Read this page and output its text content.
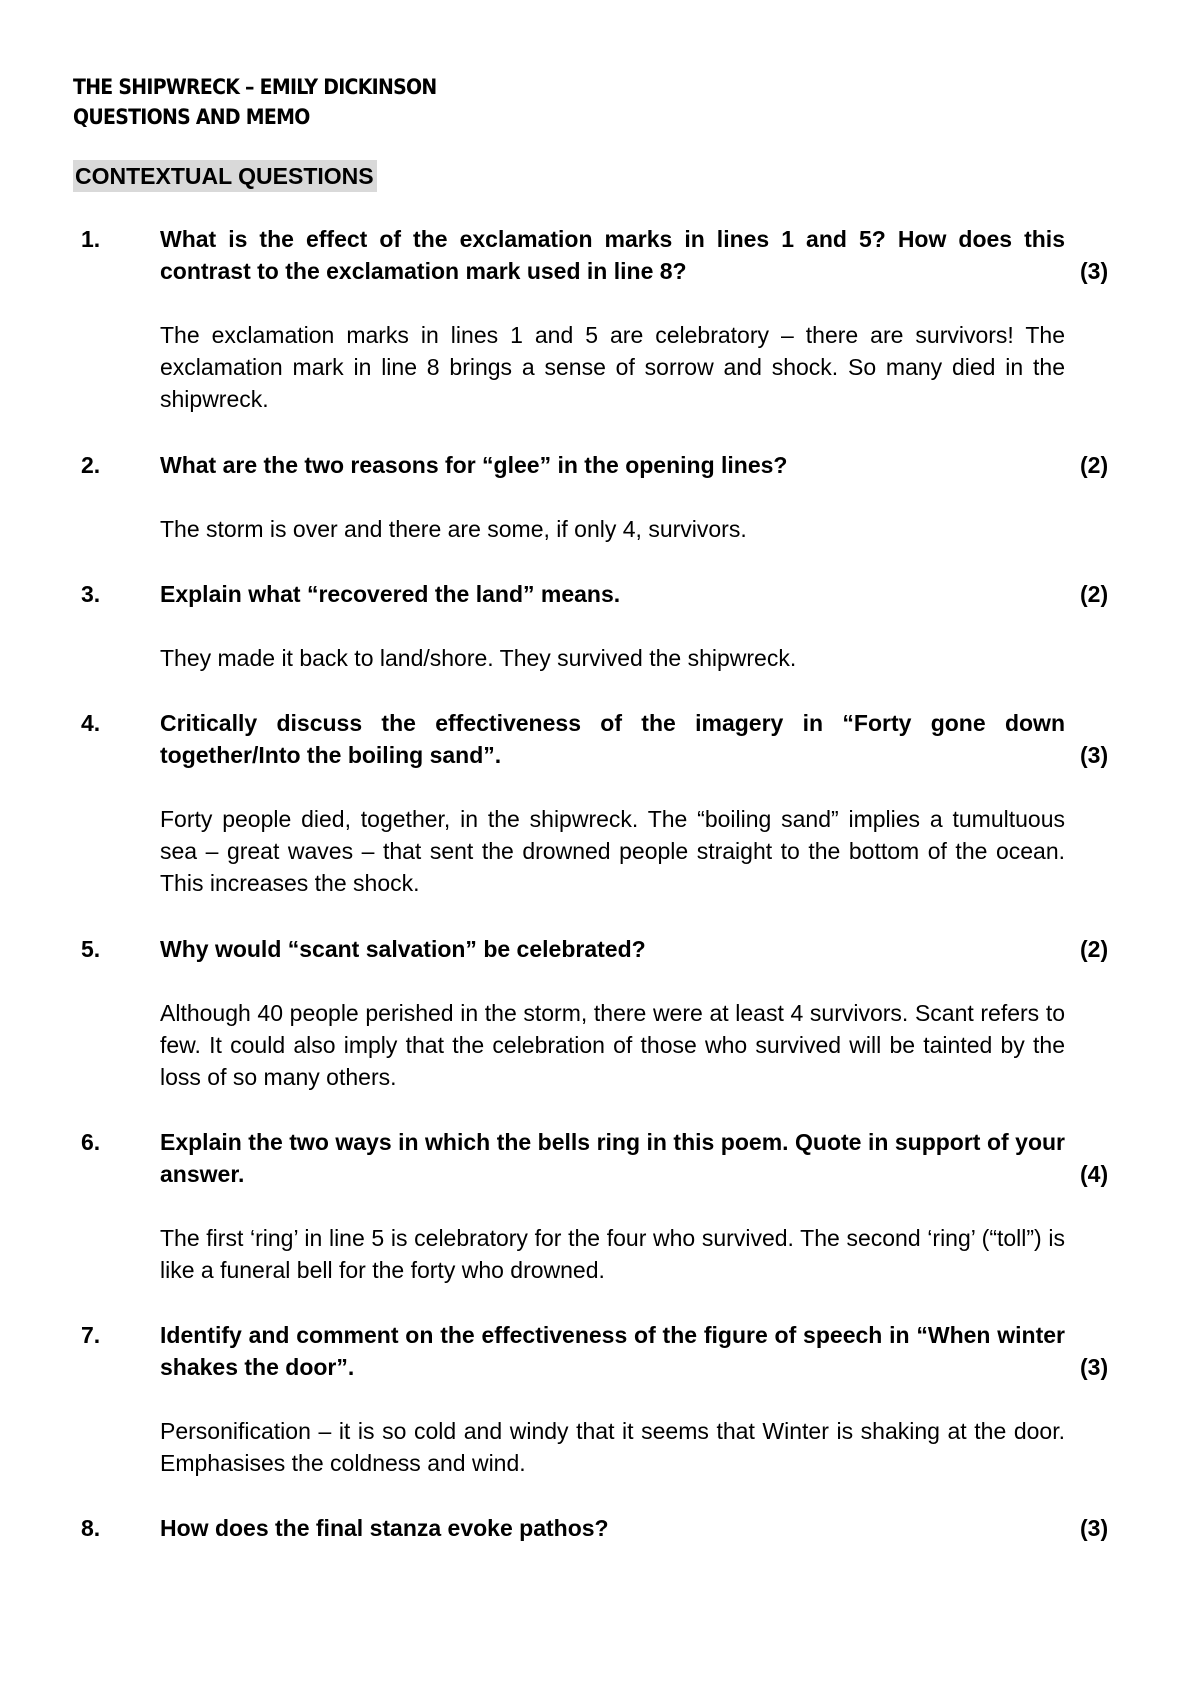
THE SHIPWRECK – EMILY DICKINSON
QUESTIONS AND MEMO
CONTEXTUAL QUESTIONS
1.	What is the effect of the exclamation marks in lines 1 and 5? How does this contrast to the exclamation mark used in line 8?	(3)
The exclamation marks in lines 1 and 5 are celebratory – there are survivors! The exclamation mark in line 8 brings a sense of sorrow and shock. So many died in the shipwreck.
2.	What are the two reasons for “glee” in the opening lines?	(2)
The storm is over and there are some, if only 4, survivors.
3.	Explain what “recovered the land” means.	(2)
They made it back to land/shore. They survived the shipwreck.
4.	Critically discuss the effectiveness of the imagery in “Forty gone down together/Into the boiling sand”.	(3)
Forty people died, together, in the shipwreck. The “boiling sand” implies a tumultuous sea – great waves – that sent the drowned people straight to the bottom of the ocean. This increases the shock.
5.	Why would “scant salvation” be celebrated?	(2)
Although 40 people perished in the storm, there were at least 4 survivors. Scant refers to few. It could also imply that the celebration of those who survived will be tainted by the loss of so many others.
6.	Explain the two ways in which the bells ring in this poem. Quote in support of your answer.	(4)
The first ‘ring’ in line 5 is celebratory for the four who survived. The second ‘ring’ (“toll”) is like a funeral bell for the forty who drowned.
7.	Identify and comment on the effectiveness of the figure of speech in “When winter shakes the door”.	(3)
Personification – it is so cold and windy that it seems that Winter is shaking at the door. Emphasises the coldness and wind.
8.	How does the final stanza evoke pathos?	(3)
